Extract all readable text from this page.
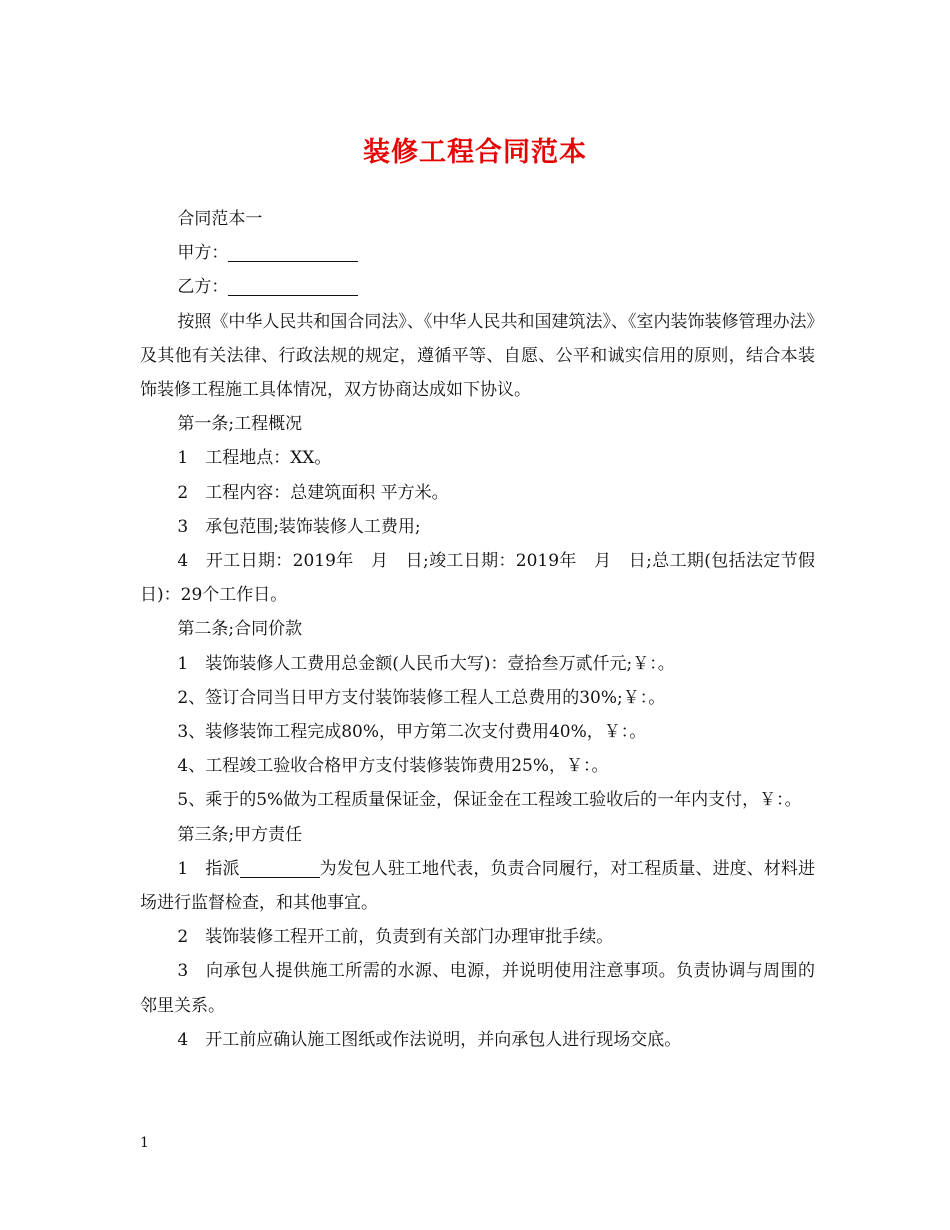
装修工程合同范本

合同范本一

甲方：

乙方：

按照《中华人民共和国合同法》、《中华人民共和国建筑法》、《室内装饰装修管理办法》及其他有关法律、行政法规的规定，遵循平等、自愿、公平和诚实信用的原则，结合本装饰装修工程施工具体情况，双方协商达成如下协议。

第一条;工程概况

1　工程地点：XX。

2　工程内容：总建筑面积 平方米。

3　承包范围;装饰装修人工费用;

4　开工日期：2019年　月　日;竣工日期：2019年　月　日;总工期(包括法定节假日)：29个工作日。

第二条;合同价款

1　装饰装修人工费用总金额(人民币大写)：壹拾叁万贰仟元;￥：。

2、签订合同当日甲方支付装饰装修工程人工总费用的30%;￥：。

3、装修装饰工程完成80%，甲方第二次支付费用40%，￥：。

4、工程竣工验收合格甲方支付装修装饰费用25%，￥：。

5、乘于的5%做为工程质量保证金，保证金在工程竣工验收后的一年内支付，￥：。

第三条;甲方责任

1　指派	为发包人驻工地代表，负责合同履行，对工程质量、进度、材料进场进行监督检查，和其他事宜。

2　装饰装修工程开工前，负责到有关部门办理审批手续。

3　向承包人提供施工所需的水源、电源，并说明使用注意事项。负责协调与周围的邻里关系。

4　开工前应确认施工图纸或作法说明，并向承包人进行现场交底。

1
